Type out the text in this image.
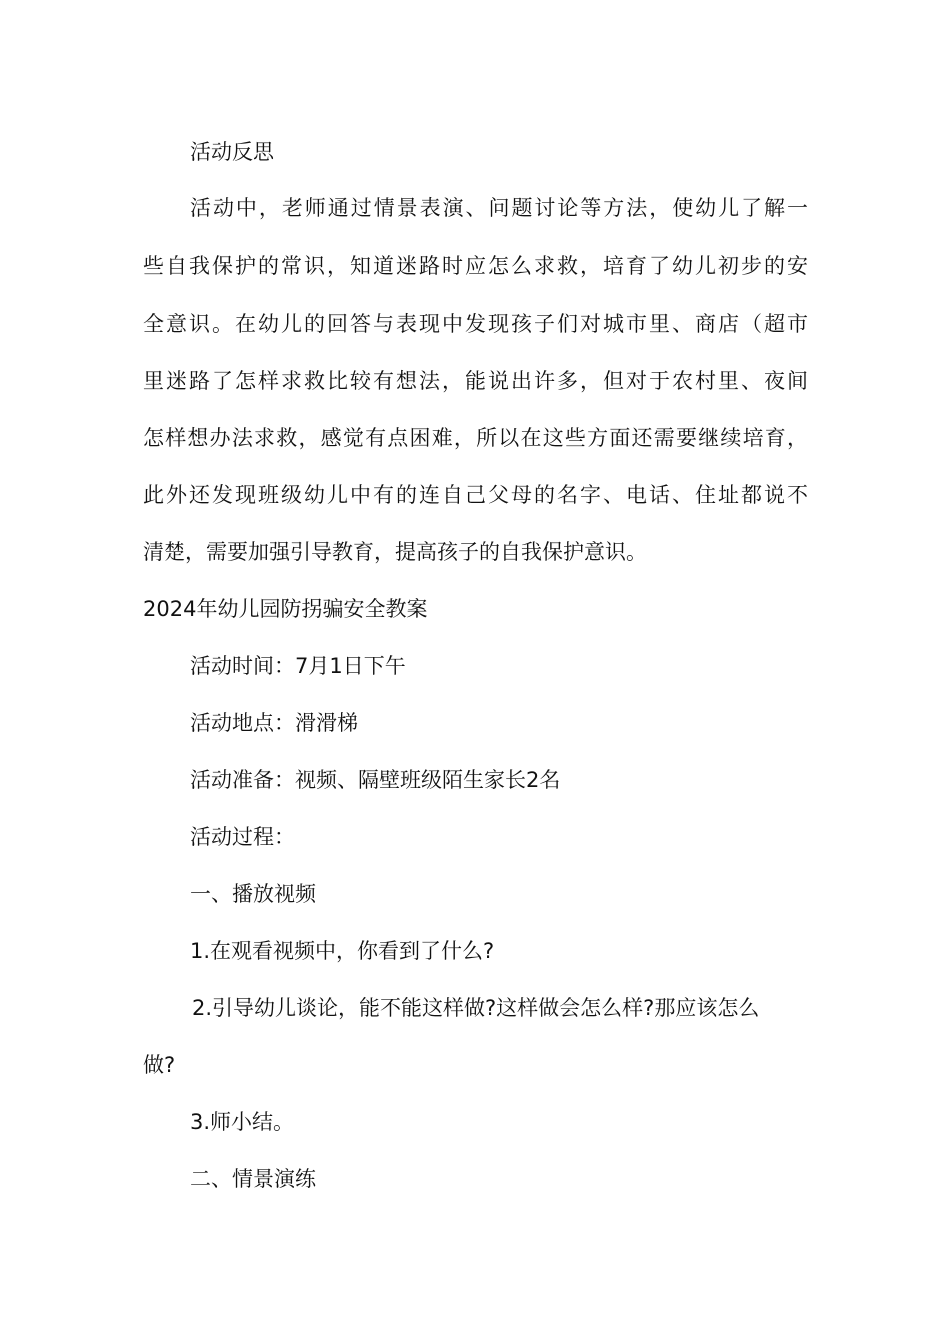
活动反思
活动中，老师通过情景表演、问题讨论等方法，使幼儿了解一
些自我保护的常识，知道迷路时应怎么求救，培育了幼儿初步的安
全意识。在幼儿的回答与表现中发现孩子们对城市里、商店（超市
里迷路了怎样求救比较有想法，能说出许多，但对于农村里、夜间
怎样想办法求救，感觉有点困难，所以在这些方面还需要继续培育，
此外还发现班级幼儿中有的连自己父母的名字、电话、住址都说不
清楚，需要加强引导教育，提高孩子的自我保护意识。
2024年幼儿园防拐骗安全教案
活动时间：7月1日下午
活动地点：滑滑梯
活动准备：视频、隔壁班级陌生家长2名
活动过程：
一、播放视频
1.在观看视频中，你看到了什么?
2.引导幼儿谈论，能不能这样做?这样做会怎么样?那应该怎么
做?
3.师小结。
二、情景演练
